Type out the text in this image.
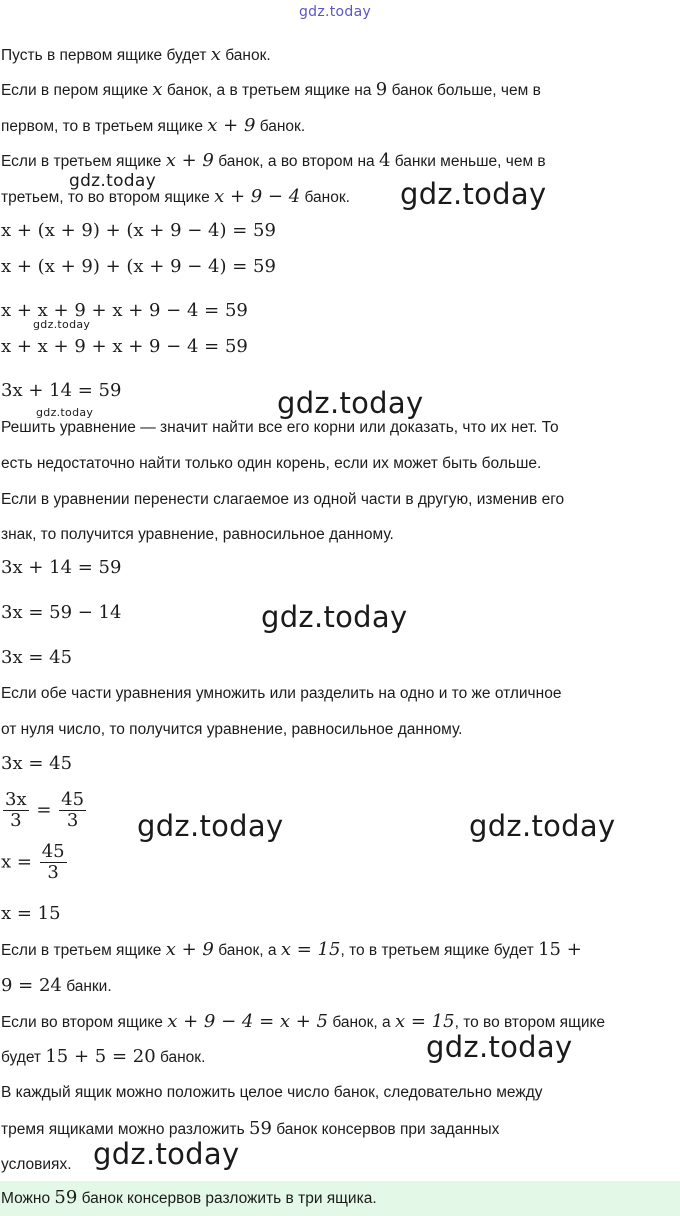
gdz.today
gdz.today	gdz.today
gdz.today
gdz.today
gdz.today
gdz.today
gdz.today	gdz.today
gdz.today
gdz.today
Пусть в первом ящике будет x банок.
Если в пером ящике x банок, а в третьем ящике на 9 банок больше, чем в
первом, то в третьем ящике x + 9 банок.
Если в третьем ящике x + 9 банок, а во втором на 4 банки меньше, чем в
третьем, то во втором ящике x + 9 − 4 банок.
x + (x + 9) + (x + 9 − 4) = 59
x + (x + 9) + (x + 9 − 4) = 59
x + x + 9 + x + 9 − 4 = 59
x + x + 9 + x + 9 − 4 = 59
3x + 14 = 59
Решить уравнение — значит найти все его корни или доказать, что их нет. То
есть недостаточно найти только один корень, если их может быть больше.
Если в уравнении перенести слагаемое из одной части в другую, изменив его
знак, то получится уравнение, равносильное данному.
3x + 14 = 59
3x = 59 − 14
3x = 45
Если обе части уравнения умножить или разделить на одно и то же отличное
от нуля число, то получится уравнение, равносильное данному.
3x = 45
$\frac{3x}{3} = \frac{45}{3}$
$x = \frac{45}{3}$
x = 15
Если в третьем ящике x + 9 банок, а x = 15, то в третьем ящике будет 15 +
9 = 24 банки.
Если во втором ящике x + 9 − 4 = x + 5 банок, а x = 15, то во втором ящике
будет 15 + 5 = 20 банок.
В каждый ящик можно положить целое число банок, следовательно между
тремя ящиками можно разложить 59 банок консервов при заданных
условиях.
Можно 59 банок консервов разложить в три ящика.
